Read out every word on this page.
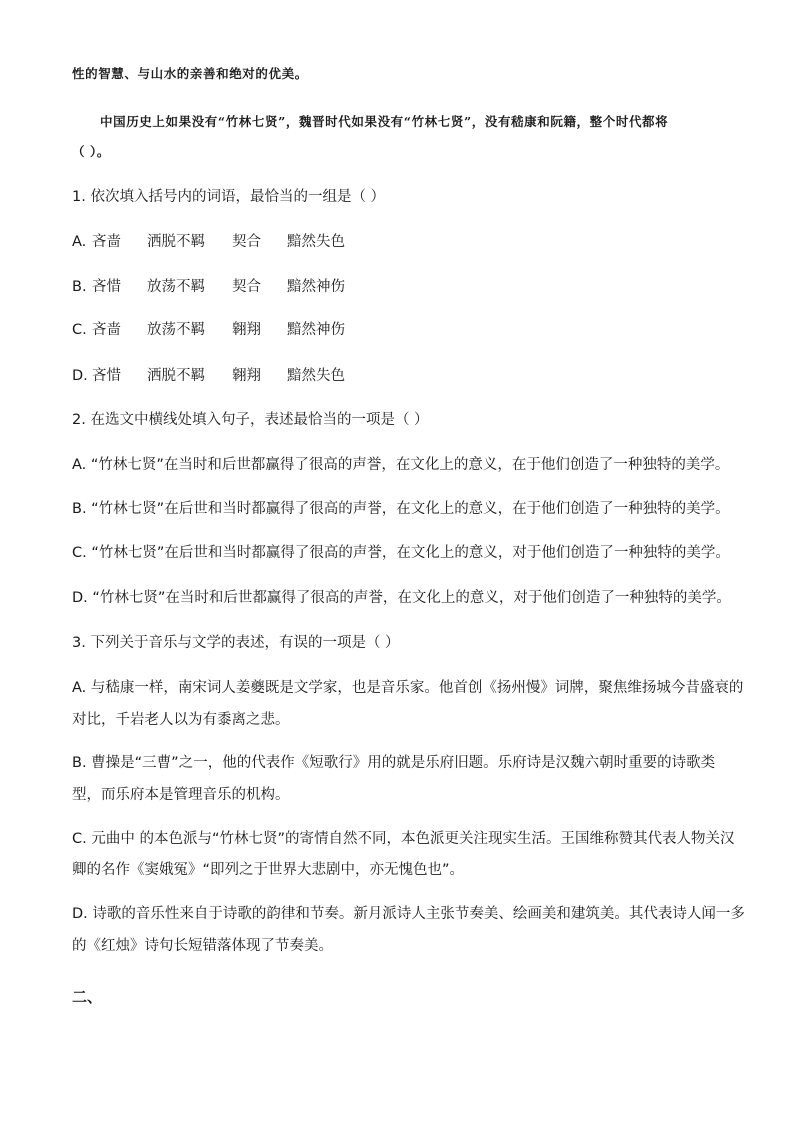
性的智慧、与山水的亲善和绝对的优美。
中国历史上如果没有“竹林七贤”，魏晋时代如果没有“竹林七贤”，没有嵇康和阮籍，整个时代都将
（ ）。
1. 依次填入括号内的词语，最恰当的一组是（ ）
A. 吝啬 洒脱不羁 契合 黯然失色
B. 吝惜 放荡不羁 契合 黯然神伤
C. 吝啬 放荡不羁 翱翔 黯然神伤
D. 吝惜 洒脱不羁 翱翔 黯然失色
2. 在选文中横线处填入句子，表述最恰当的一项是（ ）
A. “竹林七贤”在当时和后世都赢得了很高的声誉，在文化上的意义，在于他们创造了一种独特的美学。
B. “竹林七贤”在后世和当时都赢得了很高的声誉，在文化上的意义，在于他们创造了一种独特的美学。
C. “竹林七贤”在后世和当时都赢得了很高的声誉，在文化上的意义，对于他们创造了一种独特的美学。
D. “竹林七贤”在当时和后世都赢得了很高的声誉，在文化上的意义，对于他们创造了一种独特的美学。
3. 下列关于音乐与文学的表述，有误的一项是（ ）
A. 与嵇康一样，南宋词人姜夔既是文学家，也是音乐家。他首创《扬州慢》词牌，聚焦维扬城今昔盛衰的
对比，千岩老人以为有黍离之悲。
B. 曹操是“三曹”之一，他的代表作《短歌行》用的就是乐府旧题。乐府诗是汉魏六朝时重要的诗歌类
型，而乐府本是管理音乐的机构。
C. 元曲中 的本色派与“竹林七贤”的寄情自然不同，本色派更关注现实生活。王国维称赞其代表人物关汉
卿的名作《窦娥冤》“即列之于世界大悲剧中，亦无愧色也”。
D. 诗歌的音乐性来自于诗歌的韵律和节奏。新月派诗人主张节奏美、绘画美和建筑美。其代表诗人闻一多
的《红烛》诗句长短错落体现了节奏美。
二、
